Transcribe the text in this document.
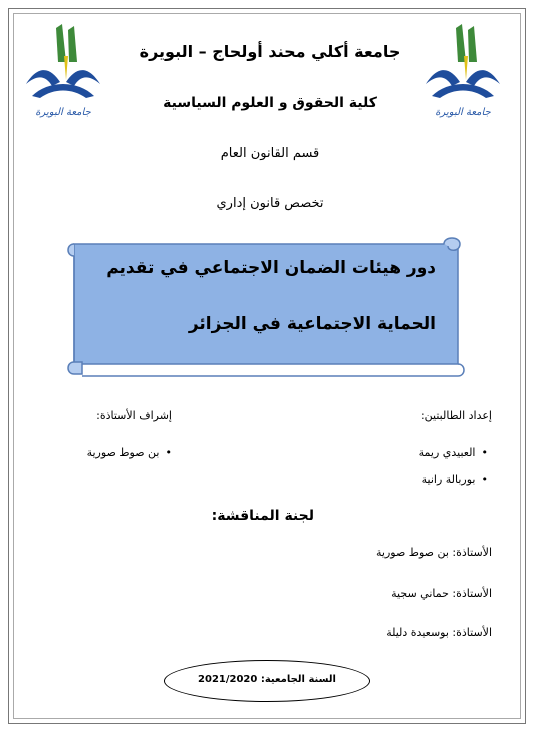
جامعة البويرة	جامعة البويرة
جامعة أكلي محند أولحاج – البويرة
كلية الحقوق و العلوم السياسية
قسم القانون العام
تخصص قانون إداري
دور هيئات الضمان الاجتماعي في تقديم
الحماية الاجتماعية في الجزائر
إعداد الطالبتين:
إشراف الأستاذة:
• العبيدي ريمة
• بوربالة رانية
• بن صوط صورية
لجنة المناقشة:
الأستاذة: بن صوط صورية
الأستاذة: حماني سجية
الأستاذة: بوسعيدة دليلة
السنة الجامعية: 2021/2020
